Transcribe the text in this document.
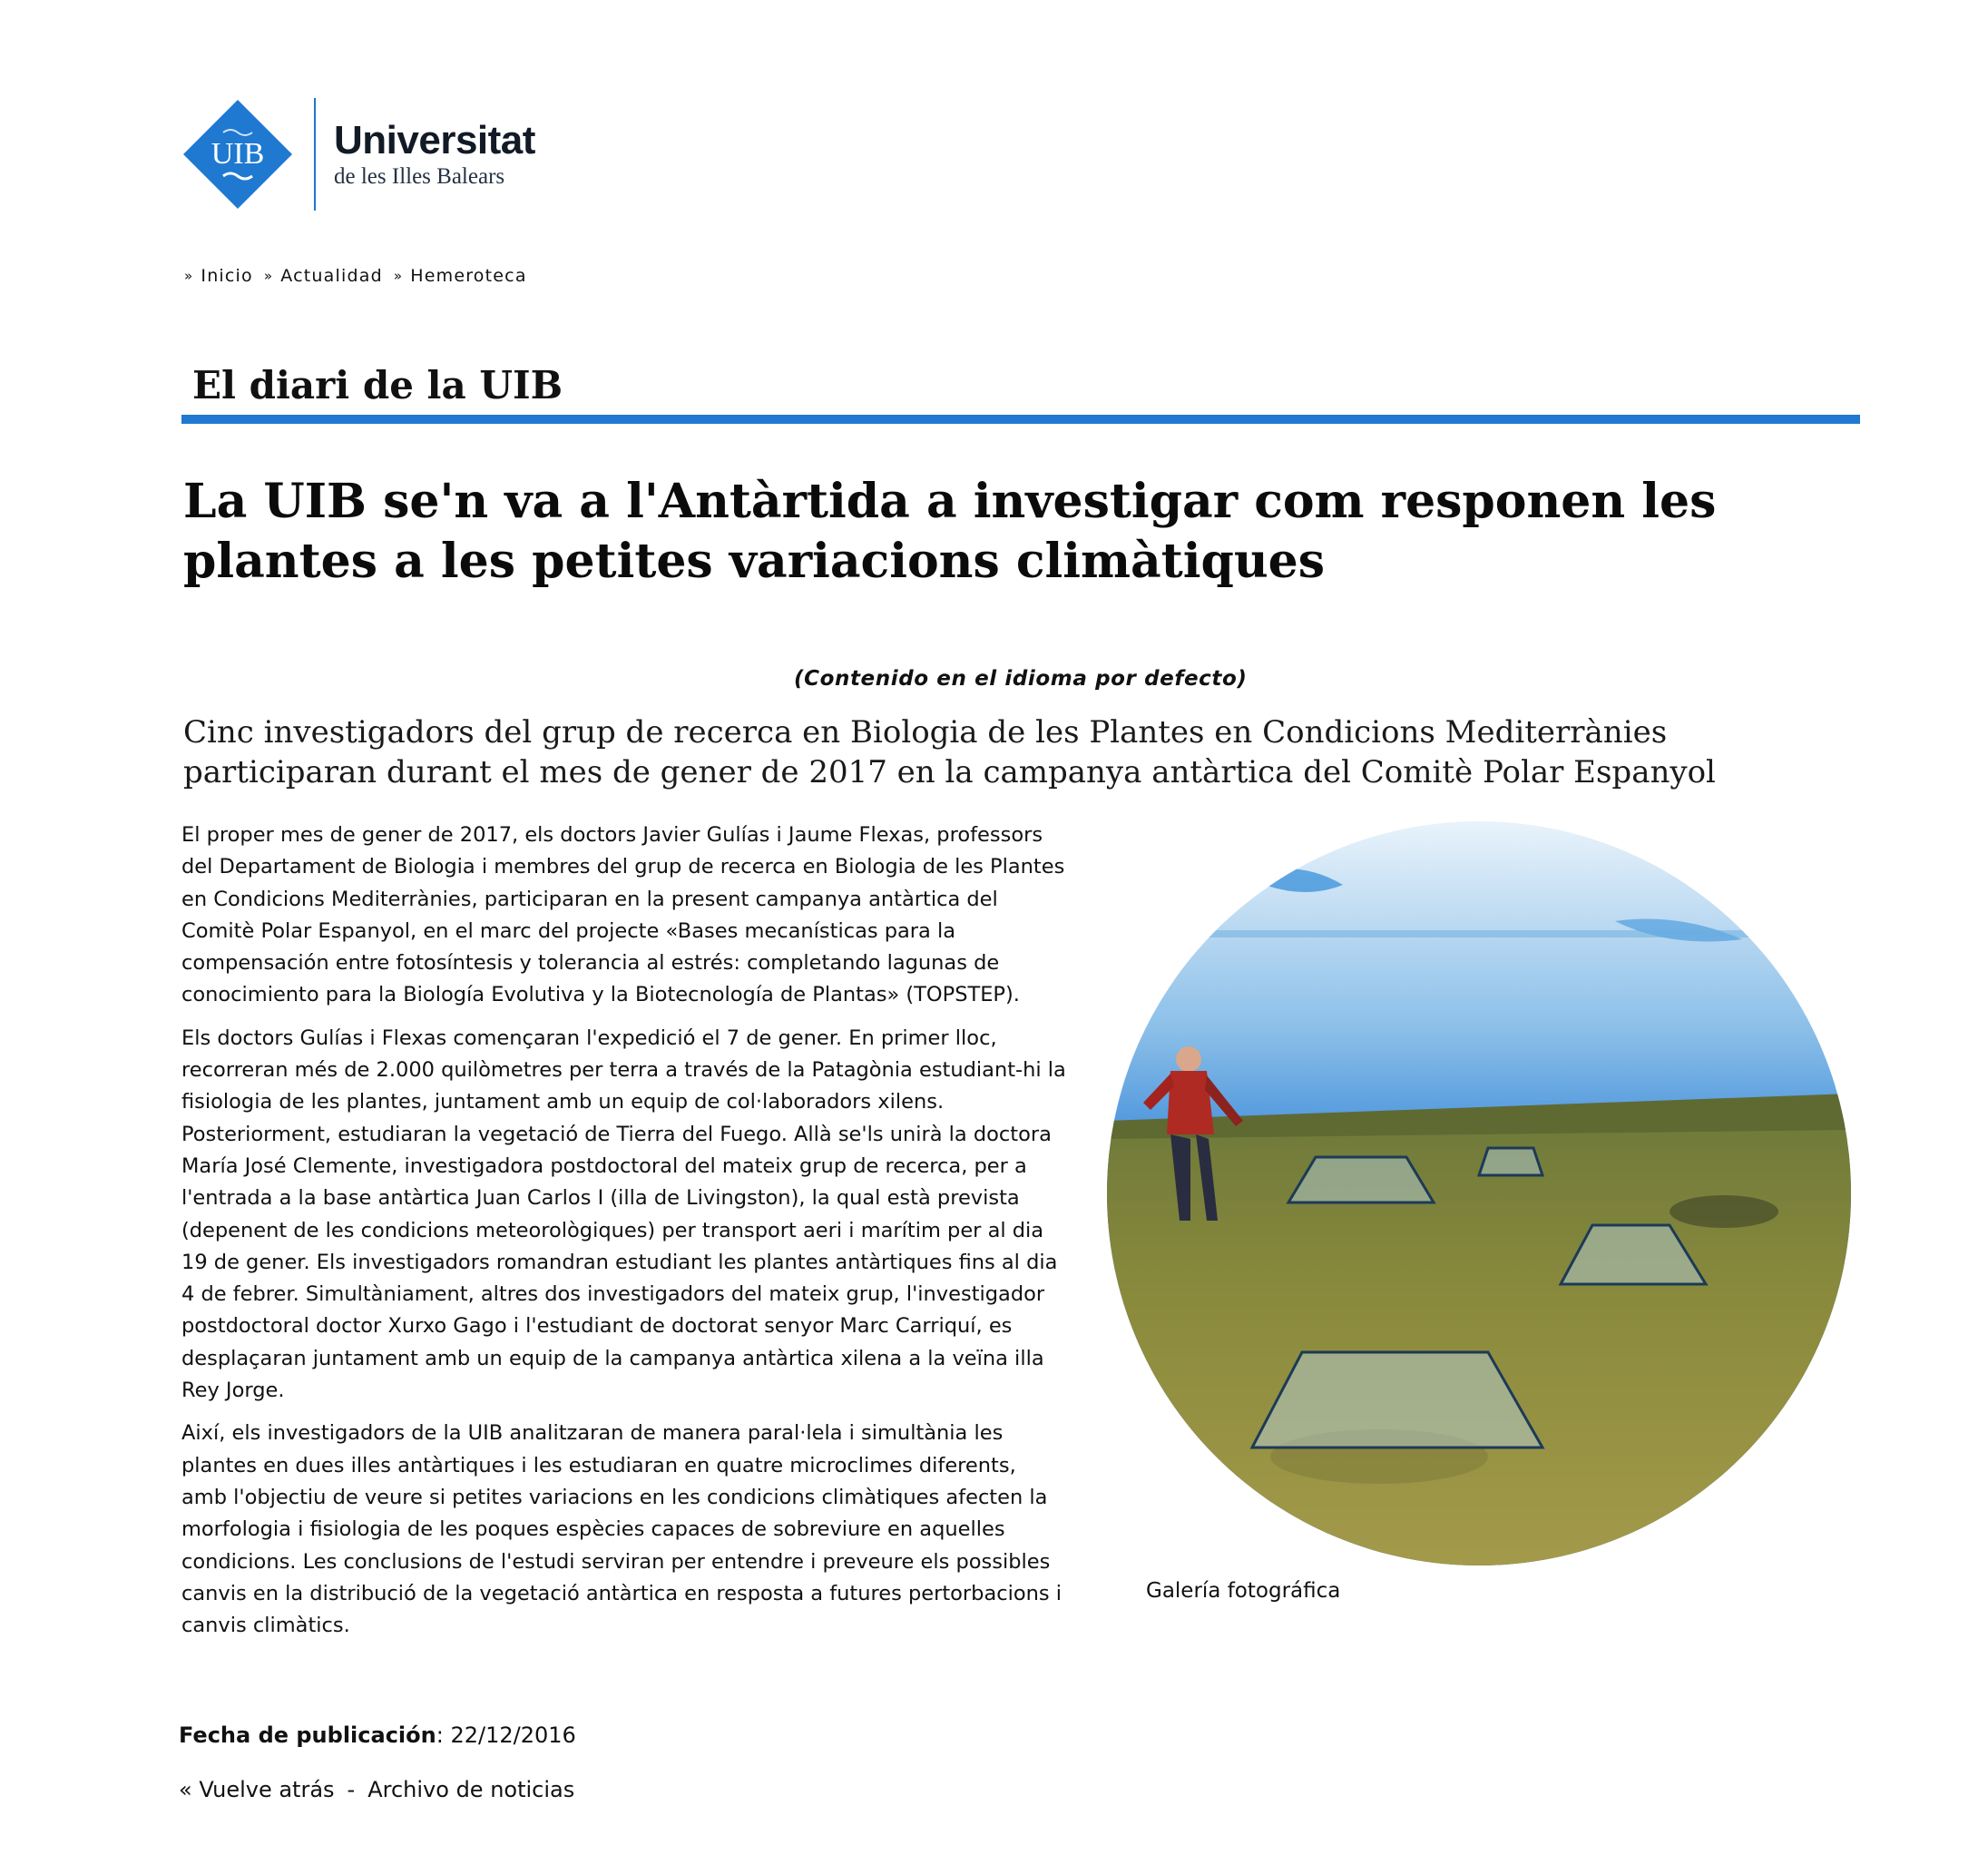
UIB Universitat
de les Illes Balears
» Inicio » Actualidad » Hemeroteca
El diari de la UIB
La UIB se'n va a l'Antàrtida a investigar com responen les plantes a les petites variacions climàtiques
(Contenido en el idioma por defecto)

Cinc investigadors del grup de recerca en Biologia de les Plantes en Condicions Mediterrànies participaran durant el mes de gener de 2017 en la campanya antàrtica del Comitè Polar Espanyol

El proper mes de gener de 2017, els doctors Javier Gulías i Jaume Flexas, professors del Departament de Biologia i membres del grup de recerca en Biologia de les Plantes en Condicions Mediterrànies, participaran en la present campanya antàrtica del Comitè Polar Espanyol, en el marc del projecte «Bases mecanísticas para la compensación entre fotosíntesis y tolerancia al estrés: completando lagunas de conocimiento para la Biología Evolutiva y la Biotecnología de Plantas» (TOPSTEP).

Els doctors Gulías i Flexas començaran l'expedició el 7 de gener. En primer lloc, recorreran més de 2.000 quilòmetres per terra a través de la Patagònia estudiant-hi la fisiologia de les plantes, juntament amb un equip de col·laboradors xilens. Posteriorment, estudiaran la vegetació de Tierra del Fuego. Allà se'ls unirà la doctora María José Clemente, investigadora postdoctoral del mateix grup de recerca, per a l'entrada a la base antàrtica Juan Carlos I (illa de Livingston), la qual està prevista (depenent de les condicions meteorològiques) per transport aeri i marítim per al dia 19 de gener. Els investigadors romandran estudiant les plantes antàrtiques fins al dia 4 de febrer. Simultàniament, altres dos investigadors del mateix grup, l'investigador postdoctoral doctor Xurxo Gago i l'estudiant de doctorat senyor Marc Carriquí, es desplaçaran juntament amb un equip de la campanya antàrtica xilena a la veïna illa Rey Jorge.

Així, els investigadors de la UIB analitzaran de manera paral·lela i simultània les plantes en dues illes antàrtiques i les estudiaran en quatre microclimes diferents, amb l'objectiu de veure si petites variacions en les condicions climàtiques afecten la morfologia i fisiologia de les poques espècies capaces de sobreviure en aquelles condicions. Les conclusions de l'estudi serviran per entendre i preveure els possibles canvis en la distribució de la vegetació antàrtica en resposta a futures pertorbacions i canvis climàtics.

Galería fotográfica
Fecha de publicación: 22/12/2016
« Vuelve atrás - Archivo de noticias
